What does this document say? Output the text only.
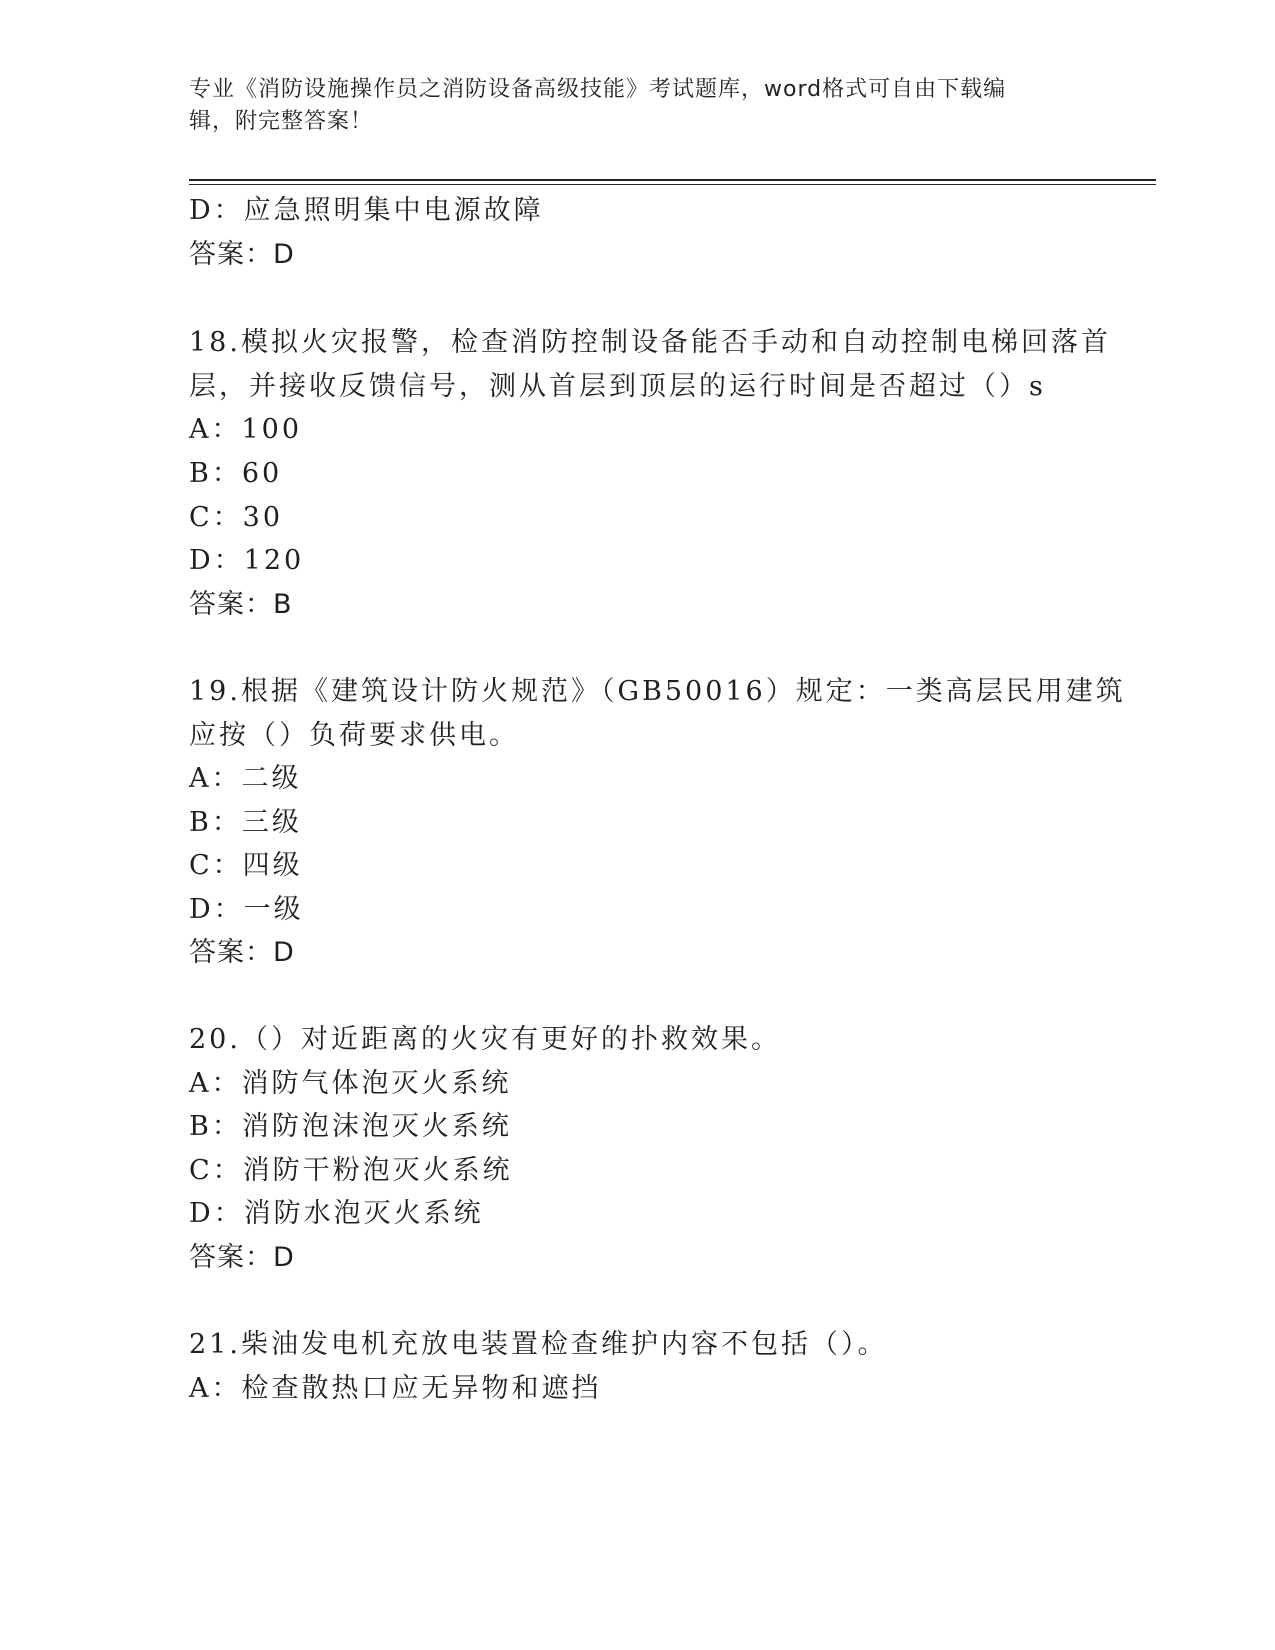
专业《消防设施操作员之消防设备高级技能》考试题库，word格式可自由下载编
辑，附完整答案！
D：应急照明集中电源故障
答案：D
18.模拟火灾报警，检查消防控制设备能否手动和自动控制电梯回落首
层，并接收反馈信号，测从首层到顶层的运行时间是否超过（）s
A：100
B：60
C：30
D：120
答案：B
19.根据《建筑设计防火规范》（GB50016）规定：一类高层民用建筑
应按（）负荷要求供电。
A：二级
B：三级
C：四级
D：一级
答案：D
20.（）对近距离的火灾有更好的扑救效果。
A：消防气体泡灭火系统
B：消防泡沫泡灭火系统
C：消防干粉泡灭火系统
D：消防水泡灭火系统
答案：D
21.柴油发电机充放电装置检查维护内容不包括（）。
A：检查散热口应无异物和遮挡
